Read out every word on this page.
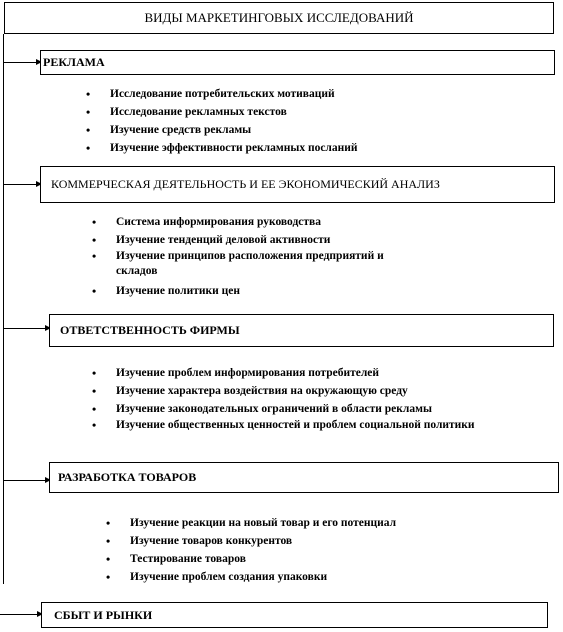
ВИДЫ МАРКЕТИНГОВЫХ ИССЛЕДОВАНИЙ
РЕКЛАМА
• Исследование потребительских мотиваций
• Исследование рекламных текстов
• Изучение средств рекламы
• Изучение эффективности рекламных посланий
КОММЕРЧЕСКАЯ ДЕЯТЕЛЬНОСТЬ И ЕЕ ЭКОНОМИЧЕСКИЙ АНАЛИЗ
• Система информирования руководства
• Изучение тенденций деловой активности
• Изучение принципов расположения предприятий и складов
• Изучение политики цен
ОТВЕТСТВЕННОСТЬ ФИРМЫ
• Изучение проблем информирования потребителей
• Изучение характера воздействия на окружающую среду
• Изучение законодательных ограничений в области рекламы
• Изучение общественных ценностей и проблем социальной политики
РАЗРАБОТКА ТОВАРОВ
• Изучение реакции на новый товар и его потенциал
• Изучение товаров конкурентов
• Тестирование товаров
• Изучение проблем создания упаковки
СБЫТ И РЫНКИ
